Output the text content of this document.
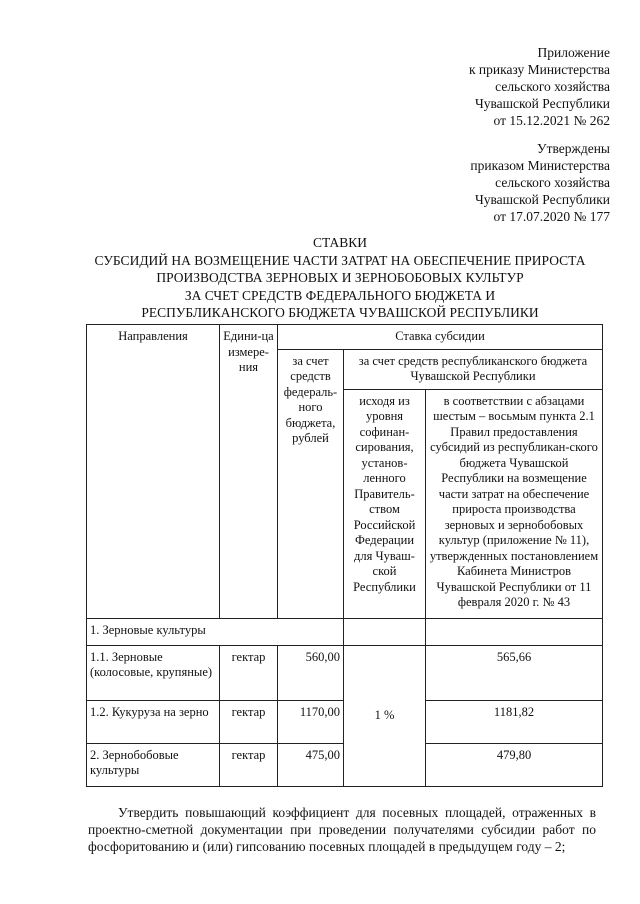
Приложение
к приказу Министерства
сельского хозяйства
Чувашской Республики
от 15.12.2021 № 262
Утверждены
приказом Министерства
сельского хозяйства
Чувашской Республики
от 17.07.2020 № 177
СТАВКИ
СУБСИДИЙ НА ВОЗМЕЩЕНИЕ ЧАСТИ ЗАТРАТ НА ОБЕСПЕЧЕНИЕ ПРИРОСТА
ПРОИЗВОДСТВА ЗЕРНОВЫХ И ЗЕРНОБОБОВЫХ КУЛЬТУР
ЗА СЧЕТ СРЕДСТВ ФЕДЕРАЛЬНОГО БЮДЖЕТА И
РЕСПУБЛИКАНСКОГО БЮДЖЕТА ЧУВАШСКОЙ РЕСПУБЛИКИ
Направления	Едини-ца измере-ния	Ставка субсидии		
		за счет средств федераль-ного бюджета, рублей	за счет средств республиканского бюджета Чувашской Республики	
			исходя из уровня софинан-сирования, установ-ленного Правитель-ством Российской Федерации для Чуваш-ской Республики	в соответствии с абзацами шестым – восьмым пункта 2.1 Правил предоставления субсидий из республикан-ского бюджета Чувашской Республики на возмещение части затрат на обеспечение прироста производства зерновых и зернобобовых культур (приложение № 11), утвержденных постановлением Кабинета Министров Чувашской Республики от 11 февраля 2020 г. № 43
1. Зерновые культуры				
1.1. Зерновые (колосовые, крупяные)	гектар	560,00	1 %	565,66
1.2. Кукуруза на зерно	гектар	1170,00		1181,82
2. Зернобобовые культуры	гектар	475,00		479,80
Утвердить повышающий коэффициент для посевных площадей, отраженных в проектно-сметной документации при проведении получателями субсидии работ по фосфоритованию и (или) гипсованию посевных площадей в предыдущем году – 2;
